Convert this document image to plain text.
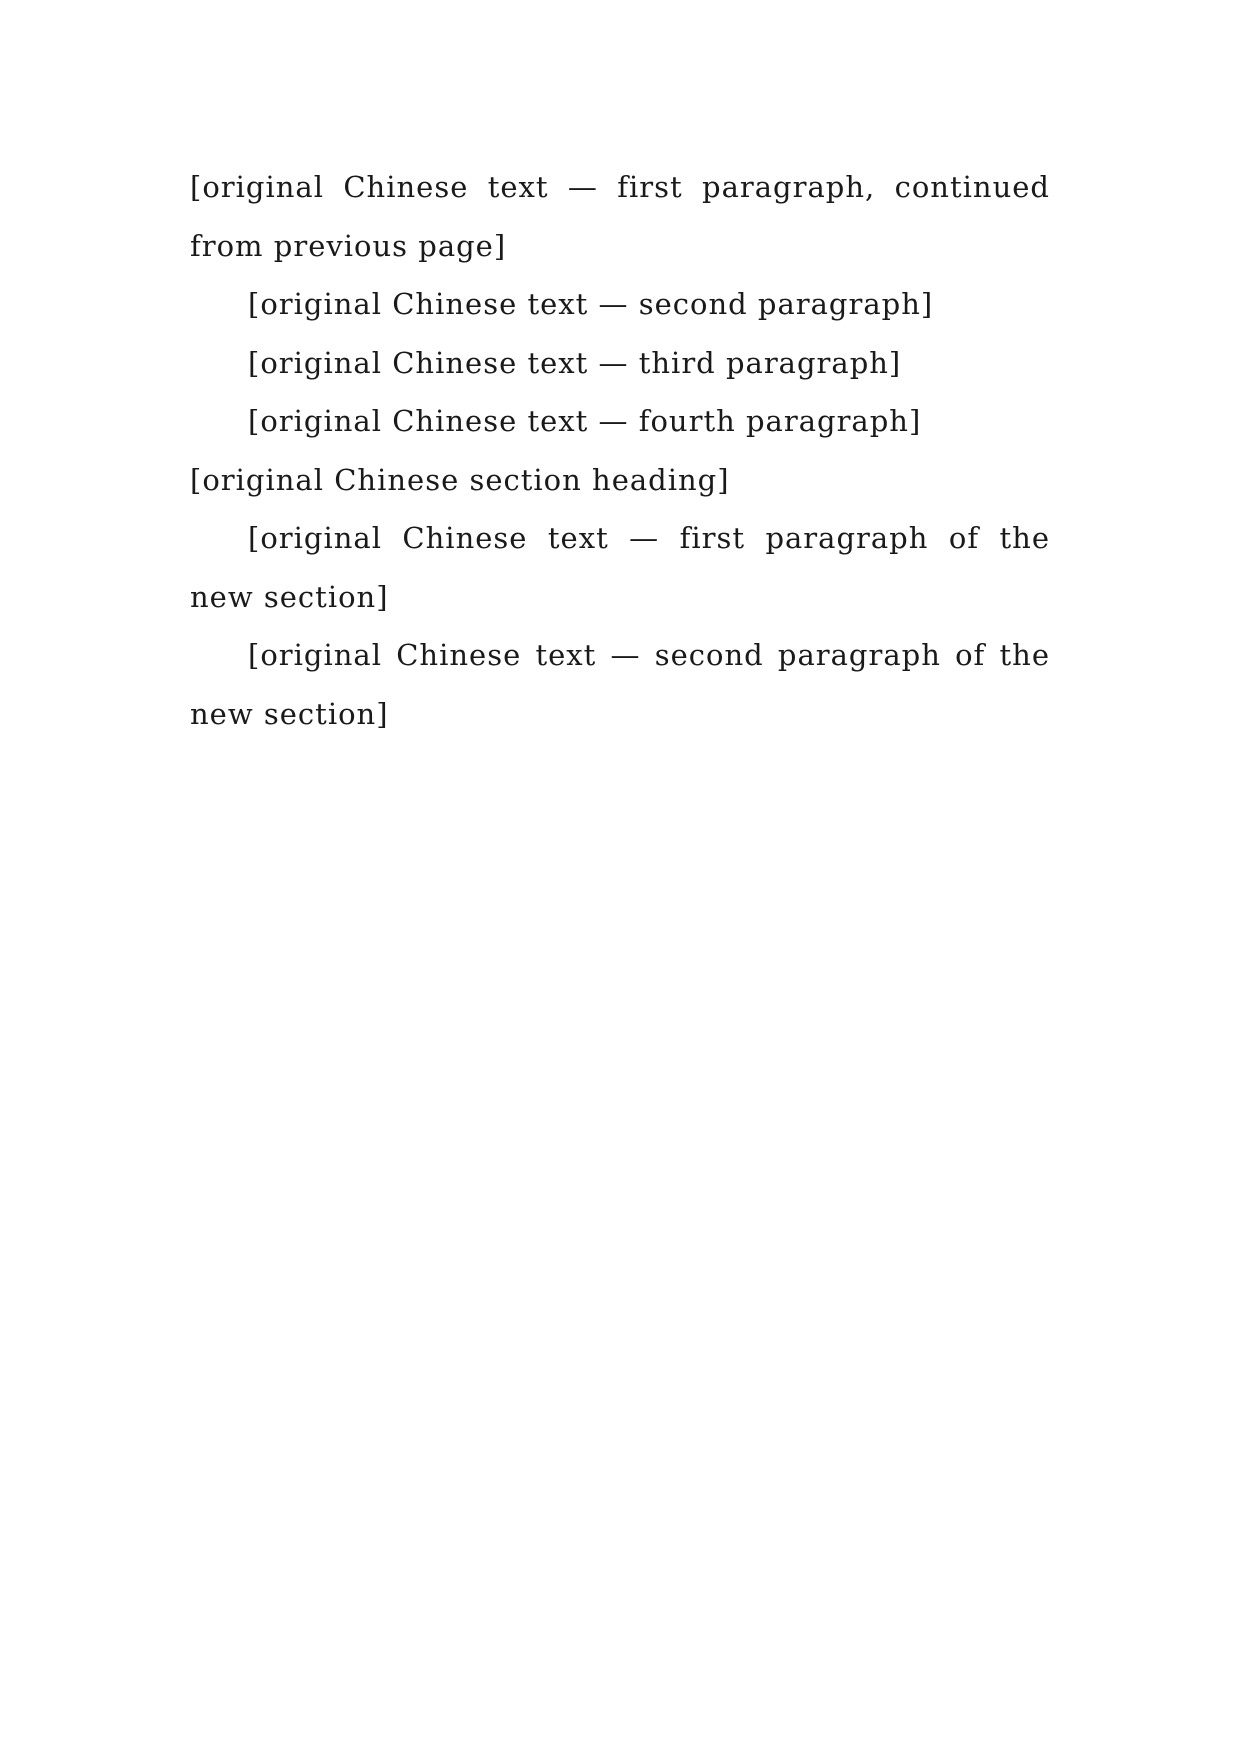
[original Chinese text — first paragraph, continued from previous page]

[original Chinese text — second paragraph]

[original Chinese text — third paragraph]

[original Chinese text — fourth paragraph]

[original Chinese section heading]

[original Chinese text — first paragraph of the new section]

[original Chinese text — second paragraph of the new section]
